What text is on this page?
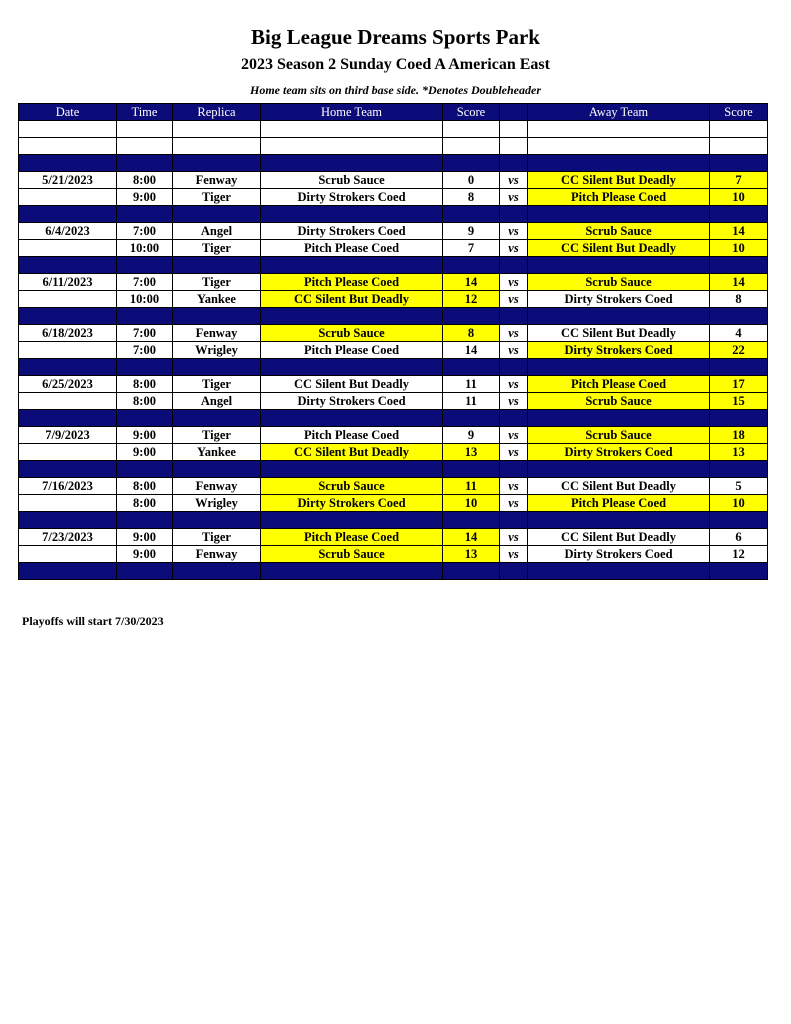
Big League Dreams Sports Park
2023 Season 2 Sunday Coed A American East
Home team sits on third base side. *Denotes Doubleheader
Date	Time	Replica	Home Team	Score		Away Team	Score

5/21/2023	8:00	Fenway	Scrub Sauce	0	vs	CC Silent But Deadly	7
	9:00	Tiger	Dirty Strokers Coed	8	vs	Pitch Please Coed	10

6/4/2023	7:00	Angel	Dirty Strokers Coed	9	vs	Scrub Sauce	14
	10:00	Tiger	Pitch Please Coed	7	vs	CC Silent But Deadly	10

6/11/2023	7:00	Tiger	Pitch Please Coed	14	vs	Scrub Sauce	14
	10:00	Yankee	CC Silent But Deadly	12	vs	Dirty Strokers Coed	8

6/18/2023	7:00	Fenway	Scrub Sauce	8	vs	CC Silent But Deadly	4
	7:00	Wrigley	Pitch Please Coed	14	vs	Dirty Strokers Coed	22

6/25/2023	8:00	Tiger	CC Silent But Deadly	11	vs	Pitch Please Coed	17
	8:00	Angel	Dirty Strokers Coed	11	vs	Scrub Sauce	15

7/9/2023	9:00	Tiger	Pitch Please Coed	9	vs	Scrub Sauce	18
	9:00	Yankee	CC Silent But Deadly	13	vs	Dirty Strokers Coed	13

7/16/2023	8:00	Fenway	Scrub Sauce	11	vs	CC Silent But Deadly	5
	8:00	Wrigley	Dirty Strokers Coed	10	vs	Pitch Please Coed	10

7/23/2023	9:00	Tiger	Pitch Please Coed	14	vs	CC Silent But Deadly	6
	9:00	Fenway	Scrub Sauce	13	vs	Dirty Strokers Coed	12

Playoffs will start 7/30/2023
